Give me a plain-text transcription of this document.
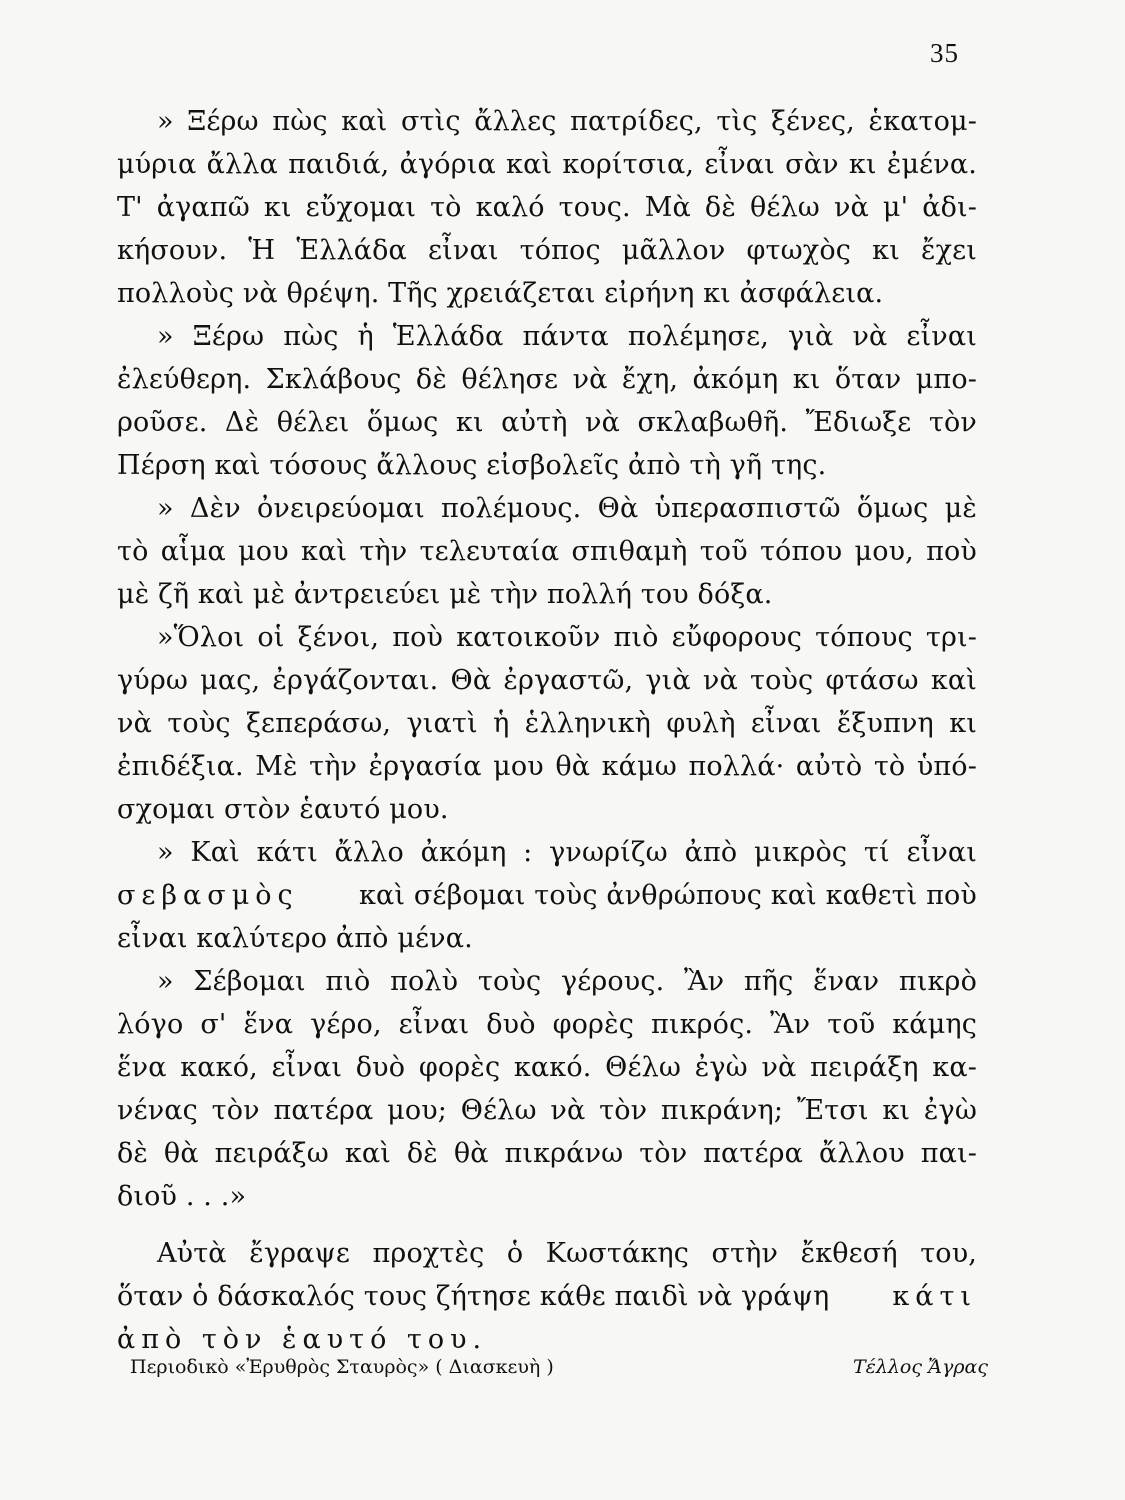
35
» Ξέρω πὼς καὶ στὶς ἄλλες πατρίδες, τὶς ξένες, ἑκατομ-
μύρια ἄλλα παιδιά, ἀγόρια καὶ κορίτσια, εἶναι σὰν κι ἐμένα.
Τ' ἀγαπῶ κι εὔχομαι τὸ καλό τους. Μὰ δὲ θέλω νὰ μ' ἀδι-
κήσουν. Ἡ Ἑλλάδα εἶναι τόπος μᾶλλον φτωχὸς κι ἔχει
πολλοὺς νὰ θρέψη. Τῆς χρειάζεται εἰρήνη κι ἀσφάλεια.
» Ξέρω πὼς ἡ Ἑλλάδα πάντα πολέμησε, γιὰ νὰ εἶναι
ἐλεύθερη. Σκλάβους δὲ θέλησε νὰ ἔχη, ἀκόμη κι ὅταν μπο-
ροῦσε. Δὲ θέλει ὅμως κι αὐτὴ νὰ σκλαβωθῆ. Ἔδιωξε τὸν
Πέρση καὶ τόσους ἄλλους εἰσβολεῖς ἀπὸ τὴ γῆ της.
» Δὲν ὀνειρεύομαι πολέμους. Θὰ ὑπερασπιστῶ ὅμως μὲ
τὸ αἷμα μου καὶ τὴν τελευταία σπιθαμὴ τοῦ τόπου μου, ποὺ
μὲ ζῆ καὶ μὲ ἀντρειεύει μὲ τὴν πολλή του δόξα.
»Ὅλοι οἱ ξένοι, ποὺ κατοικοῦν πιὸ εὔφορους τόπους τρι-
γύρω μας, ἐργάζονται. Θὰ ἐργαστῶ, γιὰ νὰ τοὺς φτάσω καὶ
νὰ τοὺς ξεπεράσω, γιατὶ ἡ ἑλληνικὴ φυλὴ εἶναι ἔξυπνη κι
ἐπιδέξια. Μὲ τὴν ἐργασία μου θὰ κάμω πολλά· αὐτὸ τὸ ὑπό-
σχομαι στὸν ἑαυτό μου.
» Καὶ κάτι ἄλλο ἀκόμη : γνωρίζω ἀπὸ μικρὸς τί εἶναι
σεβασμὸς καὶ σέβομαι τοὺς ἀνθρώπους καὶ καθετὶ ποὺ
εἶναι καλύτερο ἀπὸ μένα.
» Σέβομαι πιὸ πολὺ τοὺς γέρους. Ἂν πῆς ἕναν πικρὸ
λόγο σ' ἕνα γέρο, εἶναι δυὸ φορὲς πικρός. Ἂν τοῦ κάμης
ἕνα κακό, εἶναι δυὸ φορὲς κακό. Θέλω ἐγὼ νὰ πειράξη κα-
νένας τὸν πατέρα μου; Θέλω νὰ τὸν πικράνη; Ἔτσι κι ἐγὼ
δὲ θὰ πειράξω καὶ δὲ θὰ πικράνω τὸν πατέρα ἄλλου παι-
διοῦ . . .»
Αὐτὰ ἔγραψε προχτὲς ὁ Κωστάκης στὴν ἔκθεσή του,
ὅταν ὁ δάσκαλός τους ζήτησε κάθε παιδὶ νὰ γράψη κάτι
ἀπὸ τὸν ἑαυτό του.
Περιοδικὸ «Ἐρυθρὸς Σταυρὸς» ( Διασκευὴ )	Τέλλος Ἄγρας
